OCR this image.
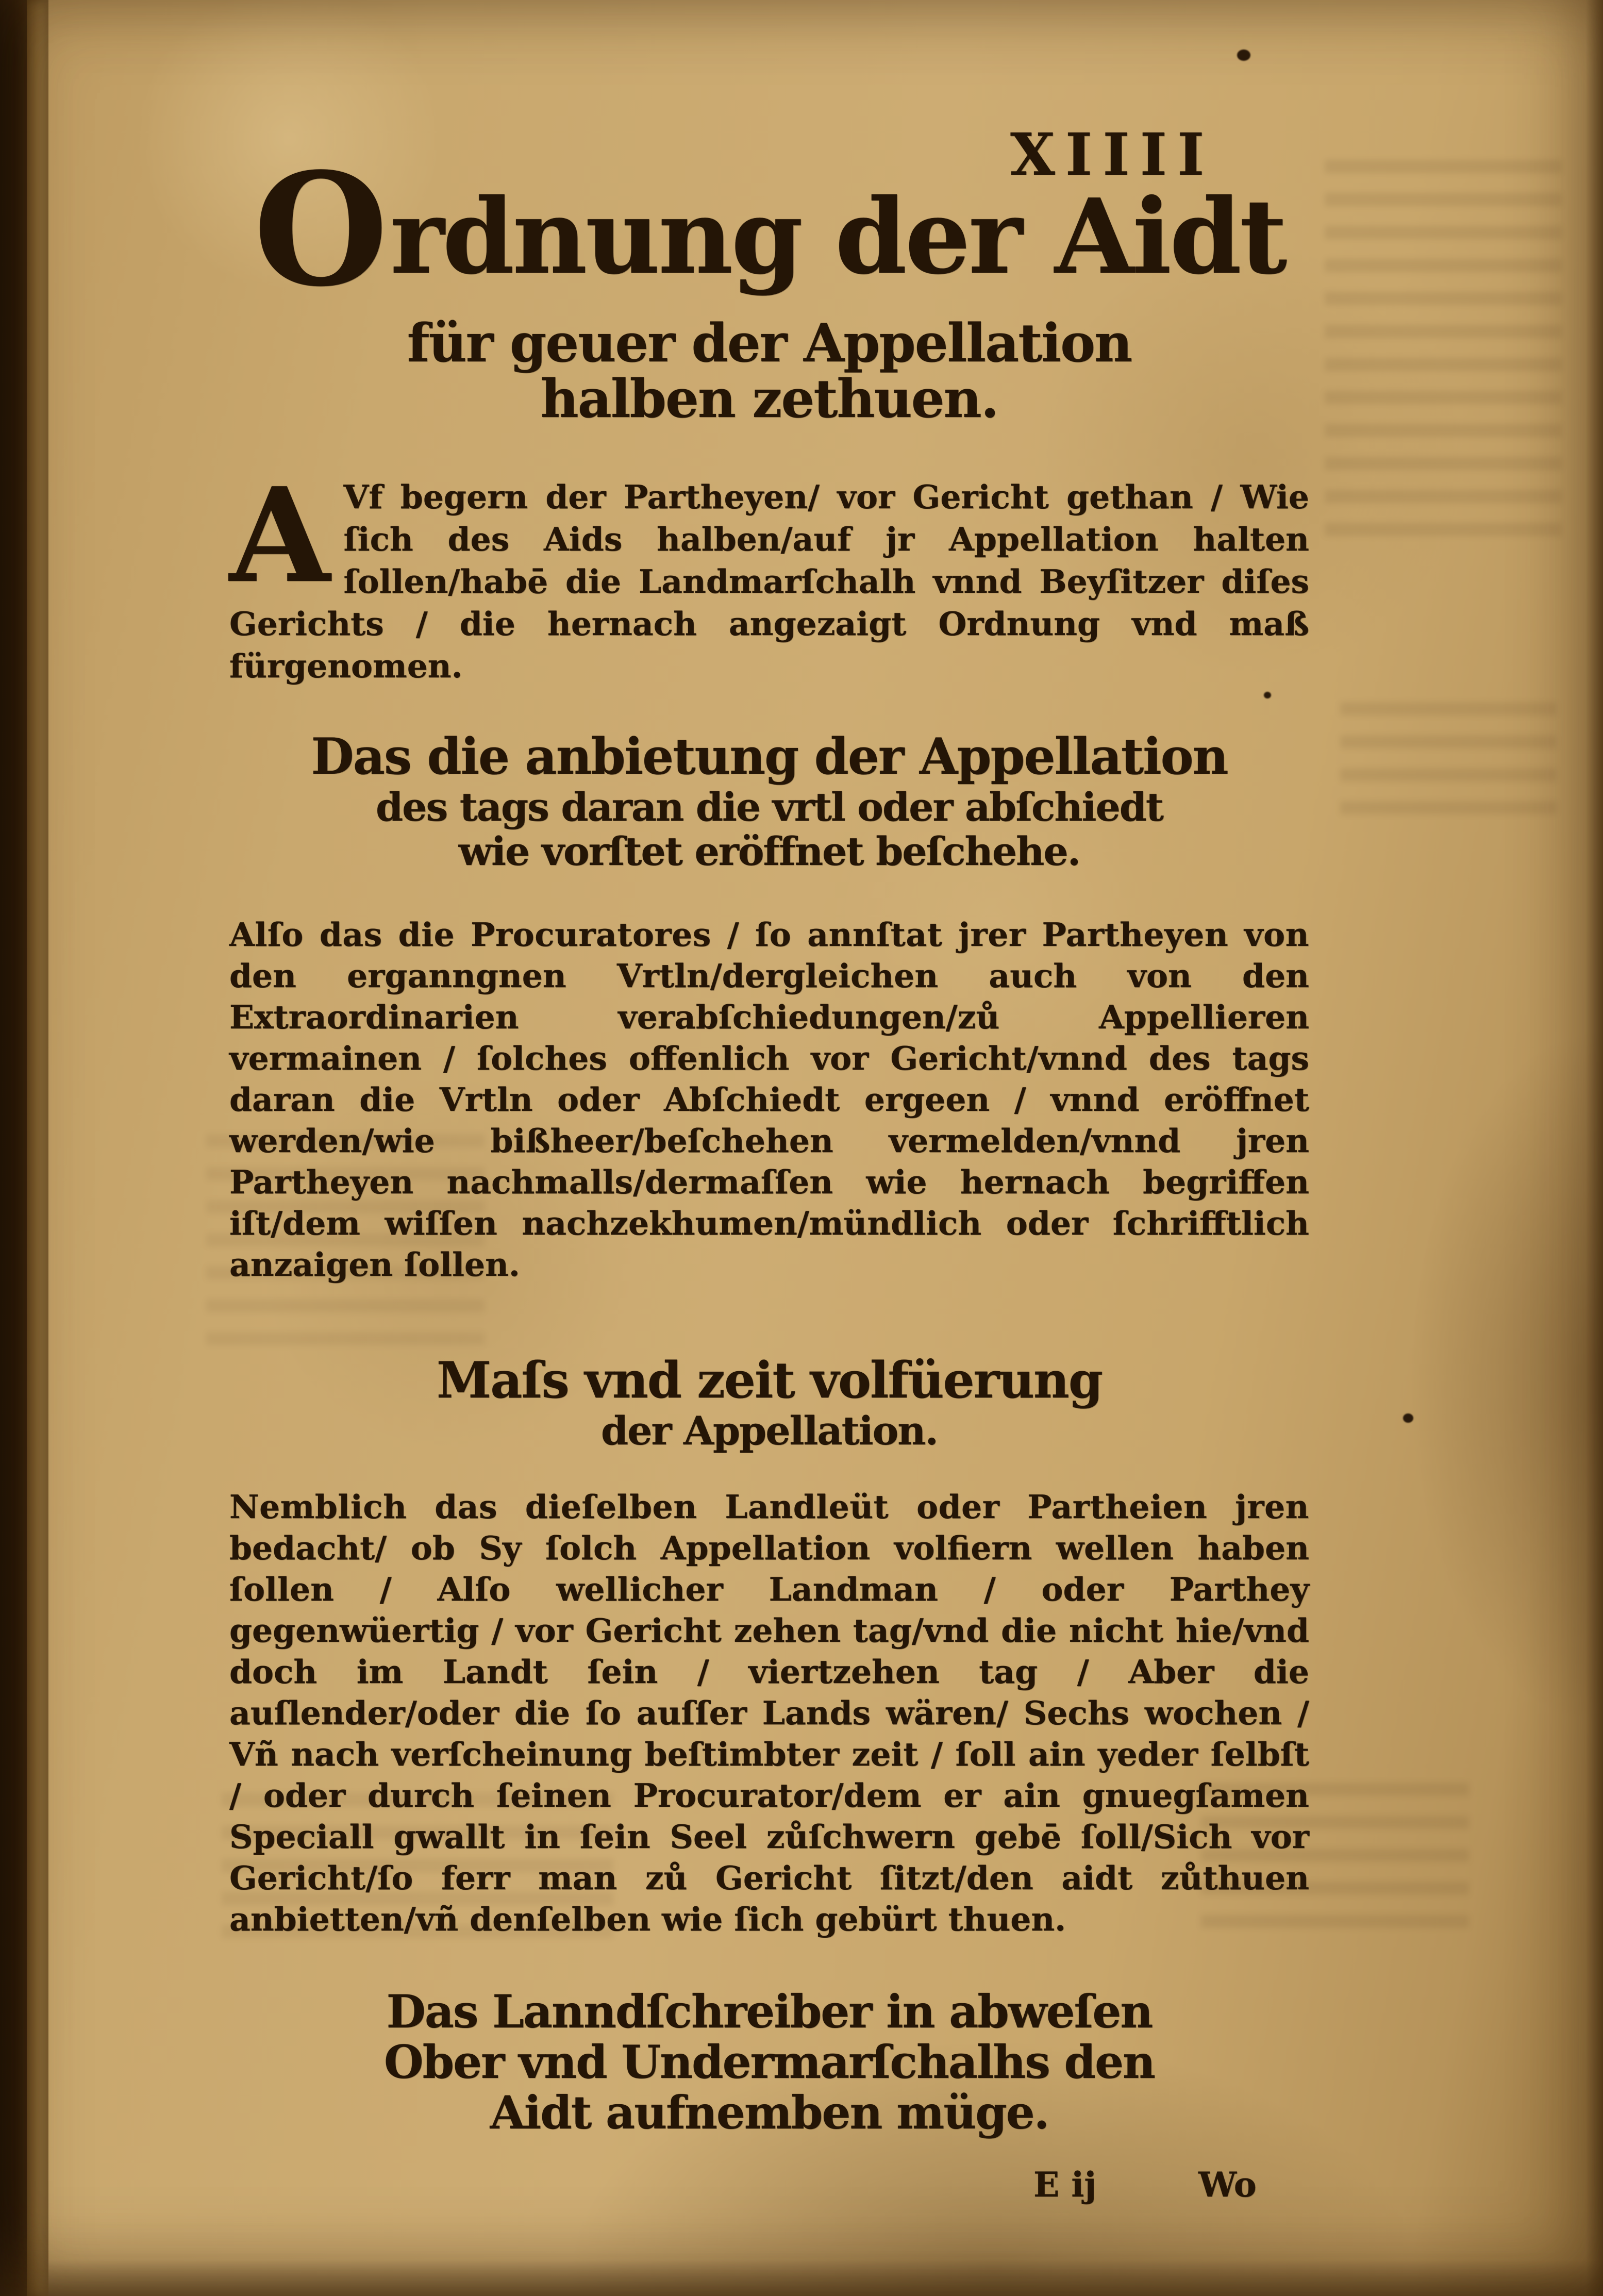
XIIII
Ordnung der Aidt
für geuer der Appellation
halben zethuen.

A Vf begern der Partheyen/ vor Gericht gethan / Wie ſich des Aids halben/auf jr Appellation halten ſollen/habē die Landmarſchalh vnnd Beyſitzer diſes Gerichts / die hernach angezaigt Ordnung vnd maß fürgenomen.

Das die anbietung der Appellation
des tags daran die vrtl oder abſchiedt
wie vorſtet eröffnet beſchehe.

Alſo das die Procuratores / ſo annſtat jrer Partheyen von den erganngnen Vrtln/dergleichen auch von den Extraordinarien verabſchiedungen/zů Appellieren vermainen / ſolches offenlich vor Gericht/vnnd des tags daran die Vrtln oder Abſchiedt ergeen / vnnd eröffnet werden/wie bißheer/beſchehen vermelden/vnnd jren Partheyen nachmalls/dermaſſen wie hernach begriffen iſt/dem wiſſen nachzekhumen/mündlich oder ſchrifftlich anzaigen ſollen.

Maſs vnd zeit volfüerung
der Appellation.

Nemblich das dieſelben Landleüt oder Partheien jren bedacht/ ob Sy ſolch Appellation volfiern wellen haben ſollen / Alſo wellicher Landman / oder Parthey gegenwüertig / vor Gericht zehen tag/vnd die nicht hie/vnd doch im Landt ſein / viertzehen tag / Aber die auſlender/oder die ſo auſſer Lands wären/ Sechs wochen / Vñ nach verſcheinung beſtimbter zeit / ſoll ain yeder ſelbſt / oder durch ſeinen Procurator/dem er ain gnuegſamen Speciall gwallt in ſein Seel zůſchwern gebē ſoll/Sich vor Gericht/ſo ferr man zů Gericht ſitzt/den aidt zůthuen anbietten/vñ denſelben wie ſich gebürt thuen.

Das Lanndſchreiber in abweſen
Ober vnd Undermarſchalhs den
Aidt aufnemben müge.
E ij	Wo
